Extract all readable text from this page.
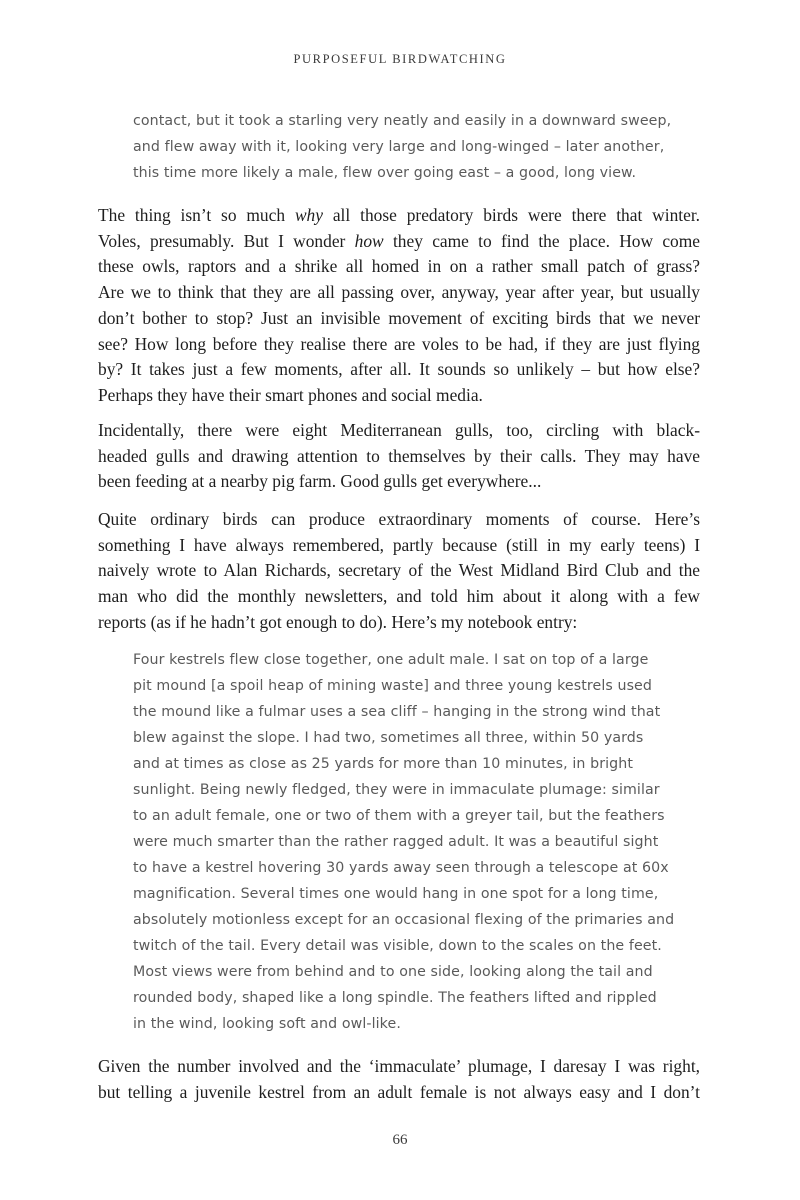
PURPOSEFUL BIRDWATCHING
contact, but it took a starling very neatly and easily in a downward sweep,
and flew away with it, looking very large and long-winged – later another,
this time more likely a male, flew over going east – a good, long view.
The thing isn’t so much why all those predatory birds were there that winter.
Voles, presumably. But I wonder how they came to find the place. How come
these owls, raptors and a shrike all homed in on a rather small patch of grass?
Are we to think that they are all passing over, anyway, year after year, but usually
don’t bother to stop? Just an invisible movement of exciting birds that we never
see? How long before they realise there are voles to be had, if they are just flying
by? It takes just a few moments, after all. It sounds so unlikely – but how else?
Perhaps they have their smart phones and social media.
Incidentally, there were eight Mediterranean gulls, too, circling with black-
headed gulls and drawing attention to themselves by their calls. They may have
been feeding at a nearby pig farm. Good gulls get everywhere...
Quite ordinary birds can produce extraordinary moments of course. Here’s
something I have always remembered, partly because (still in my early teens) I
naively wrote to Alan Richards, secretary of the West Midland Bird Club and the
man who did the monthly newsletters, and told him about it along with a few
reports (as if he hadn’t got enough to do). Here’s my notebook entry:
Four kestrels flew close together, one adult male. I sat on top of a large
pit mound [a spoil heap of mining waste] and three young kestrels used
the mound like a fulmar uses a sea cliff – hanging in the strong wind that
blew against the slope. I had two, sometimes all three, within 50 yards
and at times as close as 25 yards for more than 10 minutes, in bright
sunlight. Being newly fledged, they were in immaculate plumage: similar
to an adult female, one or two of them with a greyer tail, but the feathers
were much smarter than the rather ragged adult. It was a beautiful sight
to have a kestrel hovering 30 yards away seen through a telescope at 60x
magnification. Several times one would hang in one spot for a long time,
absolutely motionless except for an occasional flexing of the primaries and
twitch of the tail. Every detail was visible, down to the scales on the feet.
Most views were from behind and to one side, looking along the tail and
rounded body, shaped like a long spindle. The feathers lifted and rippled
in the wind, looking soft and owl-like.
Given the number involved and the ‘immaculate’ plumage, I daresay I was right,
but telling a juvenile kestrel from an adult female is not always easy and I don’t
66
